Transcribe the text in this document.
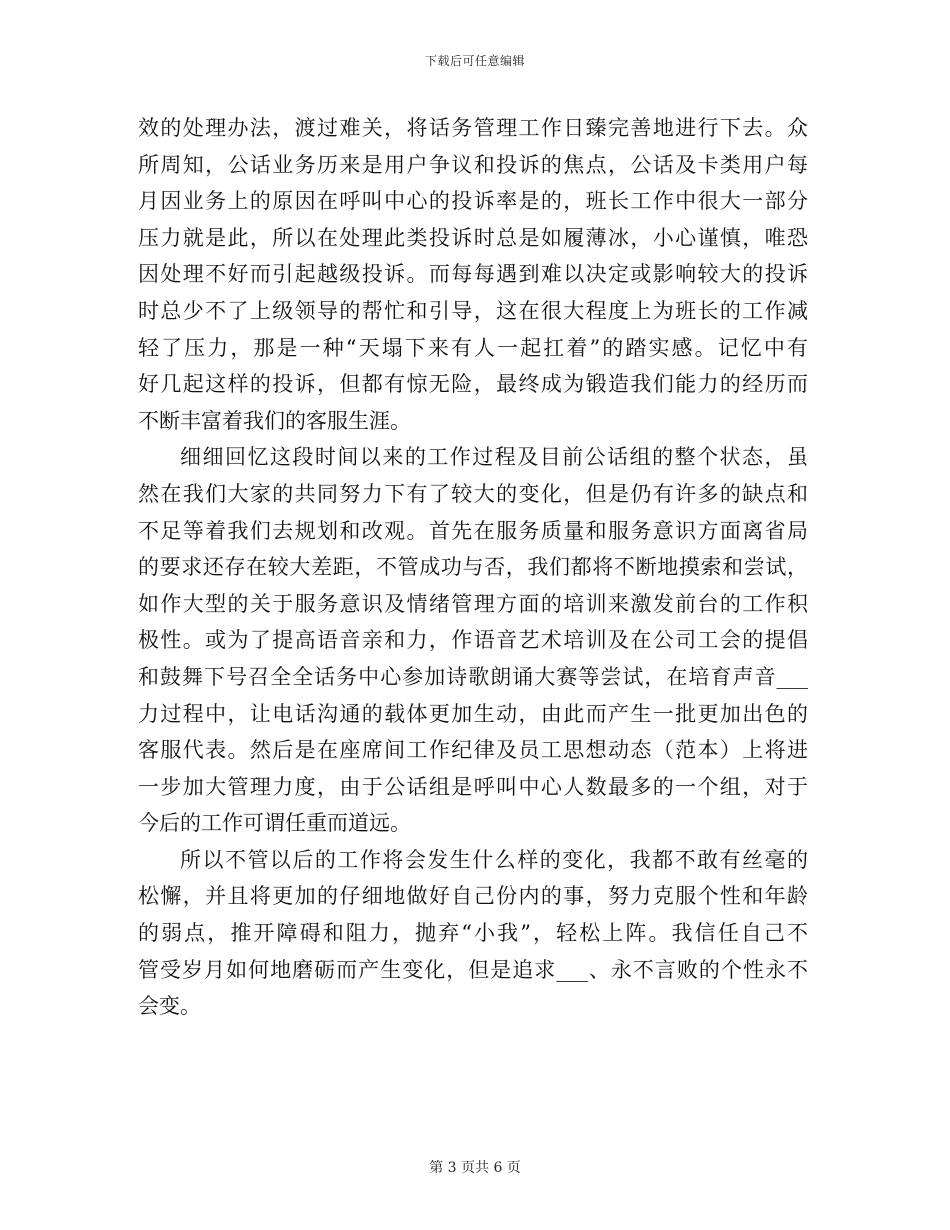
下载后可任意编辑
效的处理办法，渡过难关，将话务管理工作日臻完善地进行下去。众
所周知，公话业务历来是用户争议和投诉的焦点，公话及卡类用户每
月因业务上的原因在呼叫中心的投诉率是的，班长工作中很大一部分
压力就是此，所以在处理此类投诉时总是如履薄冰，小心谨慎，唯恐
因处理不好而引起越级投诉。而每每遇到难以决定或影响较大的投诉
时总少不了上级领导的帮忙和引导，这在很大程度上为班长的工作减
轻了压力，那是一种“天塌下来有人一起扛着”的踏实感。记忆中有
好几起这样的投诉，但都有惊无险，最终成为锻造我们能力的经历而
不断丰富着我们的客服生涯。
细细回忆这段时间以来的工作过程及目前公话组的整个状态，虽
然在我们大家的共同努力下有了较大的变化，但是仍有许多的缺点和
不足等着我们去规划和改观。首先在服务质量和服务意识方面离省局
的要求还存在较大差距，不管成功与否，我们都将不断地摸索和尝试，
如作大型的关于服务意识及情绪管理方面的培训来激发前台的工作积
极性。或为了提高语音亲和力，作语音艺术培训及在公司工会的提倡
和鼓舞下号召全全话务中心参加诗歌朗诵大赛等尝试，在培育声音___
力过程中，让电话沟通的载体更加生动，由此而产生一批更加出色的
客服代表。然后是在座席间工作纪律及员工思想动态（范本）上将进
一步加大管理力度，由于公话组是呼叫中心人数最多的一个组，对于
今后的工作可谓任重而道远。
所以不管以后的工作将会发生什么样的变化，我都不敢有丝毫的
松懈，并且将更加的仔细地做好自己份内的事，努力克服个性和年龄
的弱点，推开障碍和阻力，抛弃“小我”，轻松上阵。我信任自己不
管受岁月如何地磨砺而产生变化，但是追求___、永不言败的个性永不
会变。
第 3 页共 6 页
